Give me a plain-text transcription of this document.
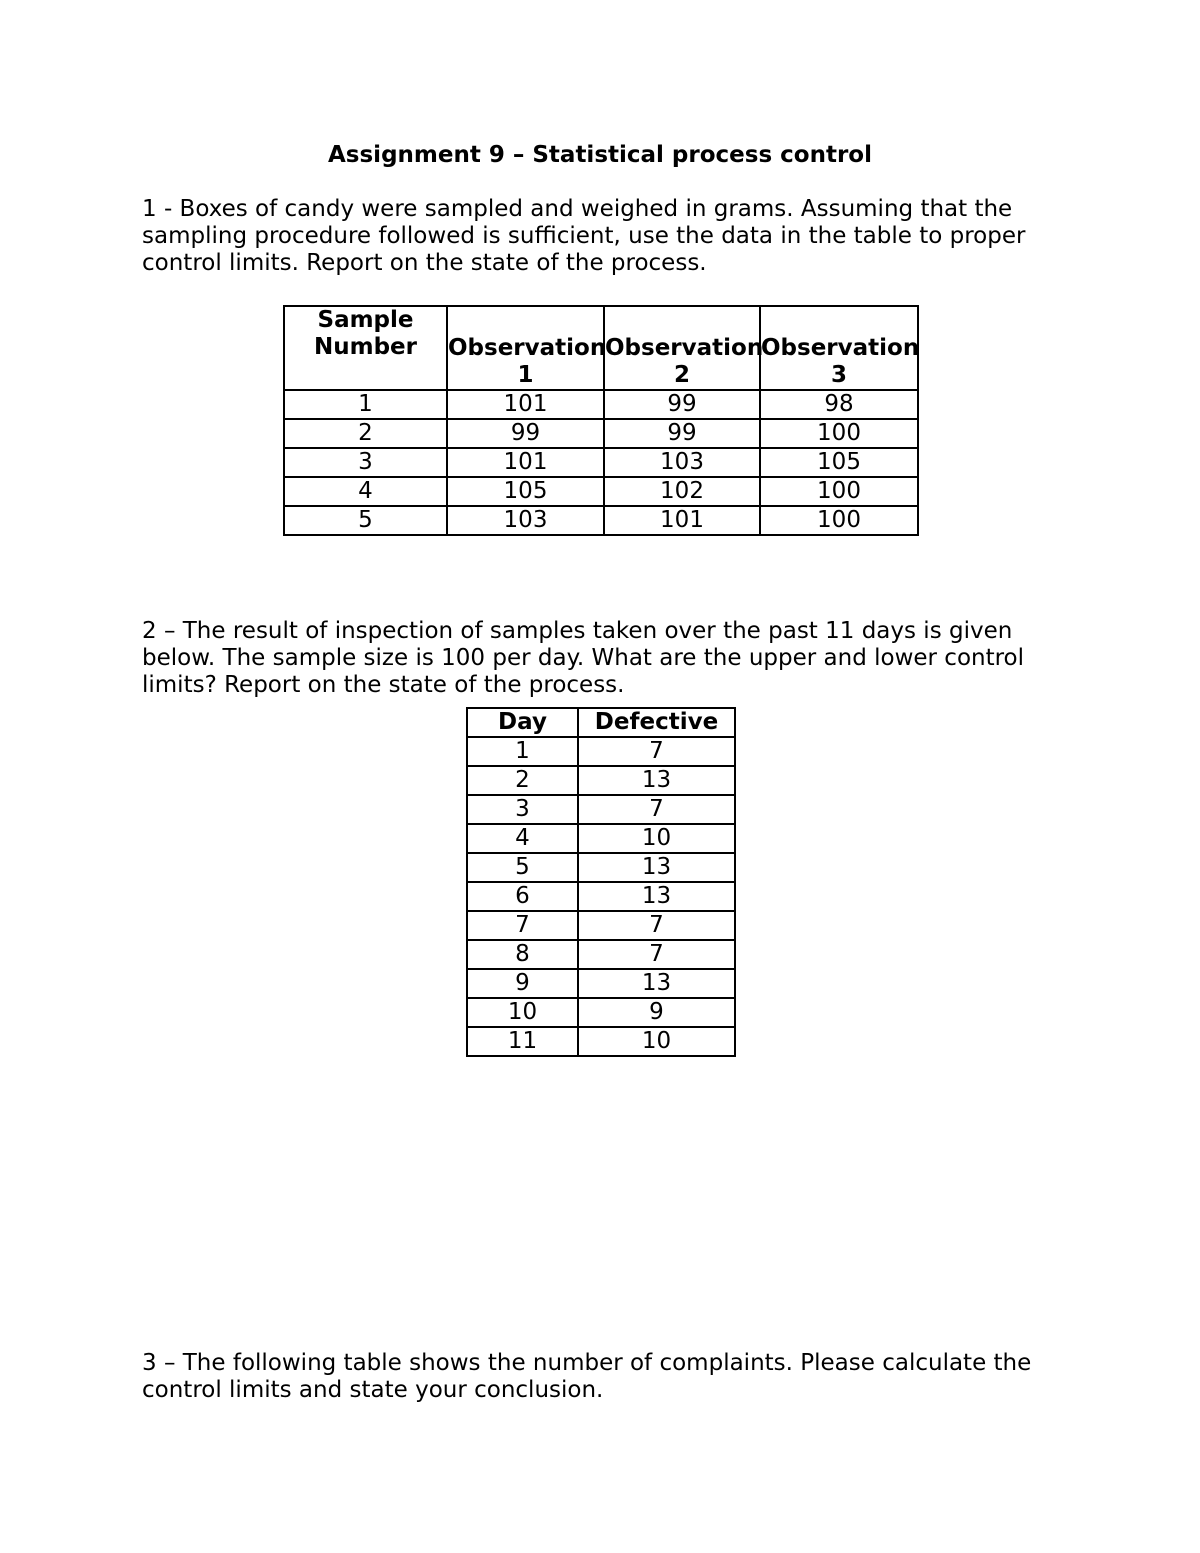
Assignment 9 – Statistical process control

1 - Boxes of candy were sampled and weighed in grams. Assuming that the sampling procedure followed is sufficient, use the data in the table to proper control limits. Report on the state of the process.

Sample Number	Observation 1	Observation 2	Observation 3
1	101	99	98
2	99	99	100
3	101	103	105
4	105	102	100
5	103	101	100

2 – The result of inspection of samples taken over the past 11 days is given below. The sample size is 100 per day. What are the upper and lower control limits? Report on the state of the process.

Day	Defective
1	7
2	13
3	7
4	10
5	13
6	13
7	7
8	7
9	13
10	9
11	10

3 – The following table shows the number of complaints. Please calculate the control limits and state your conclusion.
